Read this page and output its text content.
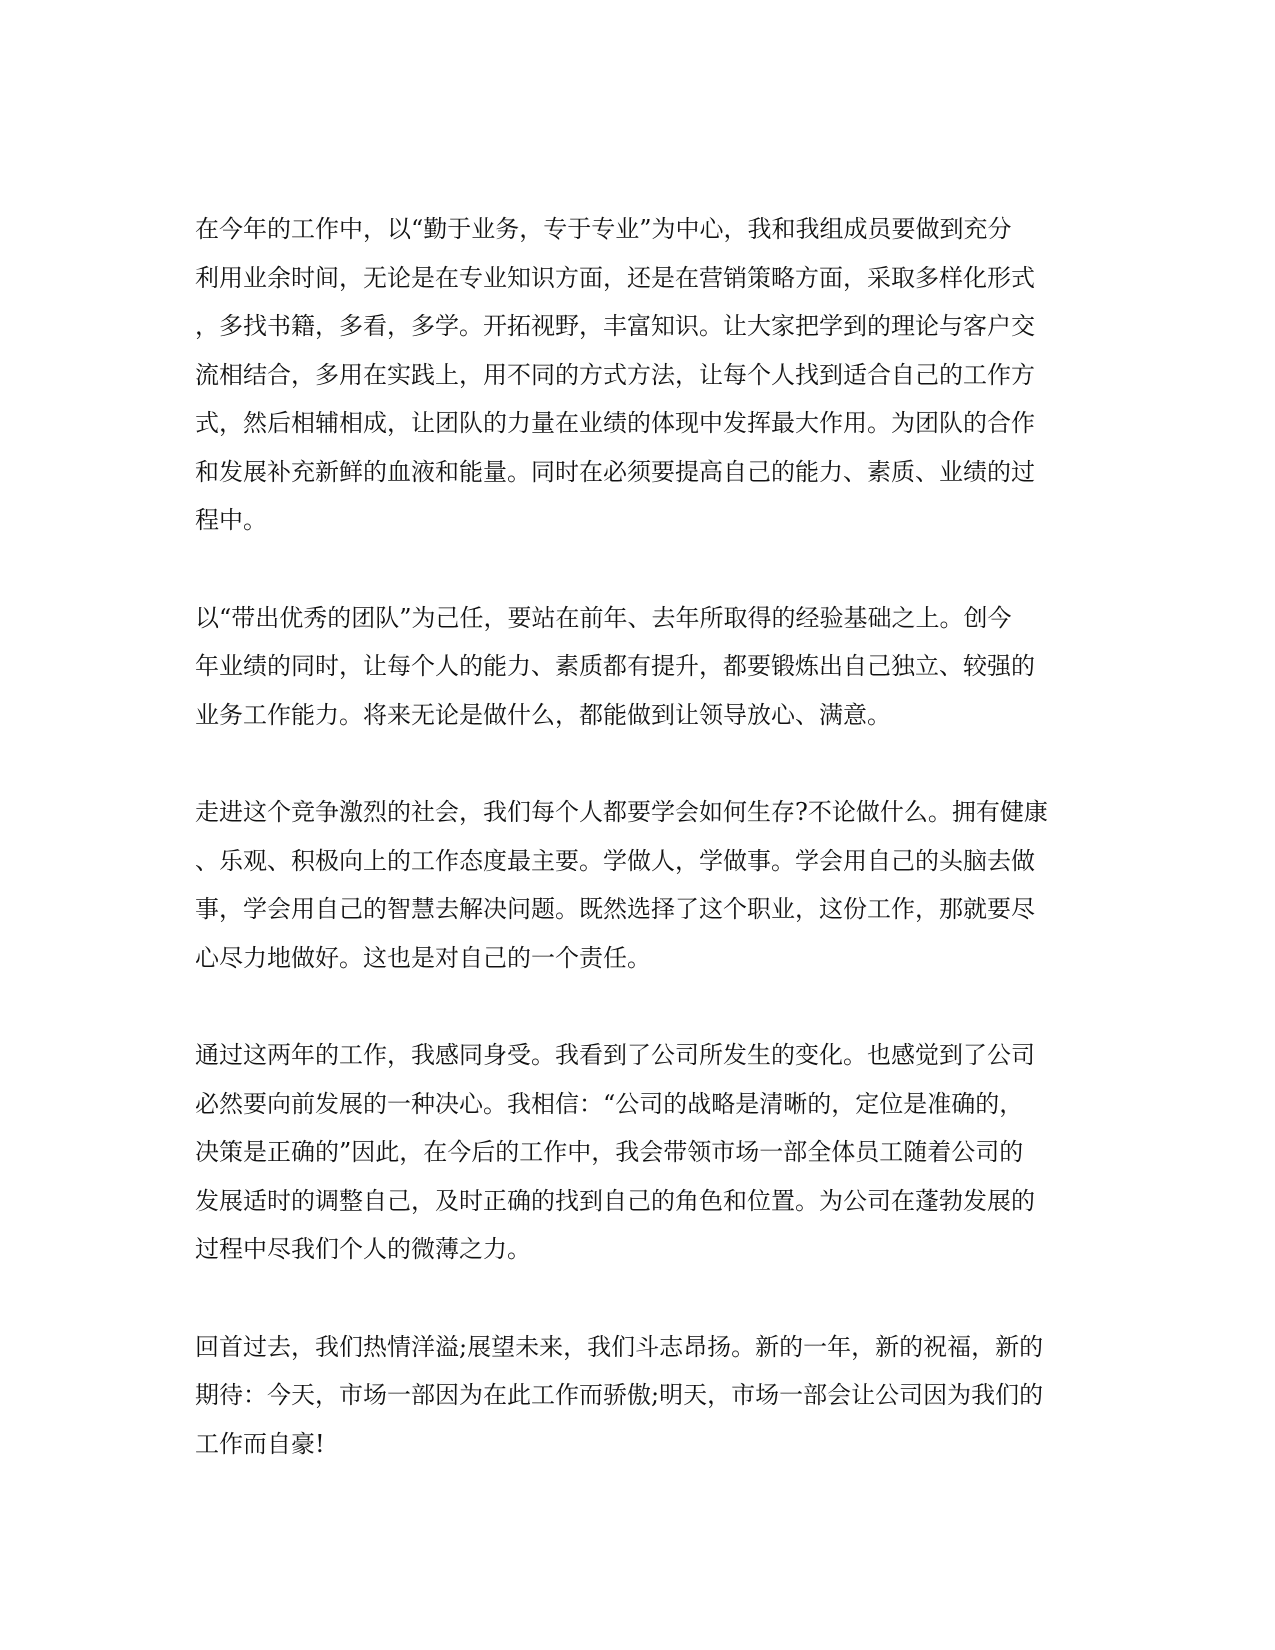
在今年的工作中，以“勤于业务，专于专业”为中心，我和我组成员要做到充分
利用业余时间，无论是在专业知识方面，还是在营销策略方面，采取多样化形式
，多找书籍，多看，多学。开拓视野，丰富知识。让大家把学到的理论与客户交
流相结合，多用在实践上，用不同的方式方法，让每个人找到适合自己的工作方
式，然后相辅相成，让团队的力量在业绩的体现中发挥最大作用。为团队的合作
和发展补充新鲜的血液和能量。同时在必须要提高自己的能力、素质、业绩的过
程中。

以“带出优秀的团队”为己任，要站在前年、去年所取得的经验基础之上。创今
年业绩的同时，让每个人的能力、素质都有提升，都要锻炼出自己独立、较强的
业务工作能力。将来无论是做什么，都能做到让领导放心、满意。

走进这个竞争激烈的社会，我们每个人都要学会如何生存?不论做什么。拥有健康
、乐观、积极向上的工作态度最主要。学做人，学做事。学会用自己的头脑去做
事，学会用自己的智慧去解决问题。既然选择了这个职业，这份工作，那就要尽
心尽力地做好。这也是对自己的一个责任。

通过这两年的工作，我感同身受。我看到了公司所发生的变化。也感觉到了公司
必然要向前发展的一种决心。我相信：“公司的战略是清晰的，定位是准确的，
决策是正确的”因此，在今后的工作中，我会带领市场一部全体员工随着公司的
发展适时的调整自己，及时正确的找到自己的角色和位置。为公司在蓬勃发展的
过程中尽我们个人的微薄之力。

回首过去，我们热情洋溢;展望未来，我们斗志昂扬。新的一年，新的祝福，新的
期待：今天，市场一部因为在此工作而骄傲;明天，市场一部会让公司因为我们的
工作而自豪!
